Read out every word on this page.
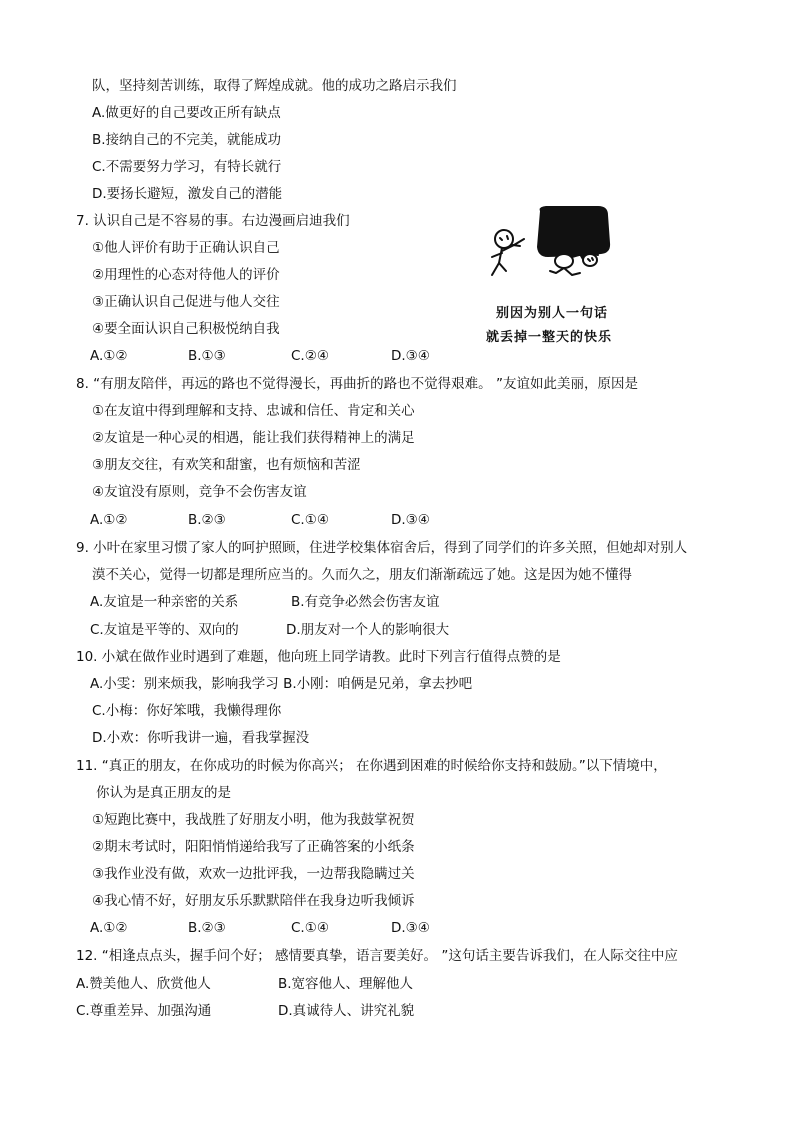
队，坚持刻苦训练，取得了辉煌成就。他的成功之路启示我们
A.做更好的自己要改正所有缺点
B.接纳自己的不完美，就能成功
C.不需要努力学习，有特长就行
D.要扬长避短，激发自己的潜能
7. 认识自己是不容易的事。右边漫画启迪我们
①他人评价有助于正确认识自己
②用理性的心态对待他人的评价
③正确认识自己促进与他人交往
④要全面认识自己积极悦纳自我
A.①②	B.①③	C.②④	D.③④
别因为别人一句话
就丢掉一整天的快乐
8. “有朋友陪伴，再远的路也不觉得漫长，再曲折的路也不觉得艰难。 ”友谊如此美丽，原因是
①在友谊中得到理解和支持、忠诚和信任、肯定和关心
②友谊是一种心灵的相遇，能让我们获得精神上的满足
③朋友交往，有欢笑和甜蜜，也有烦恼和苦涩
④友谊没有原则，竞争不会伤害友谊
A.①②	B.②③	C.①④	D.③④
9. 小叶在家里习惯了家人的呵护照顾，住进学校集体宿舍后，得到了同学们的许多关照，但她却对别人
漠不关心，觉得一切都是理所应当的。久而久之，朋友们渐渐疏远了她。这是因为她不懂得
A.友谊是一种亲密的关系	B.有竞争必然会伤害友谊
C.友谊是平等的、双向的	D.朋友对一个人的影响很大
10. 小斌在做作业时遇到了难题，他向班上同学请教。此时下列言行值得点赞的是
A.小雯：别来烦我，影响我学习 B.小刚：咱俩是兄弟，拿去抄吧
C.小梅：你好笨哦，我懒得理你
D.小欢：你听我讲一遍，看我掌握没
11. “真正的朋友，在你成功的时候为你高兴； 在你遇到困难的时候给你支持和鼓励。”以下情境中，
你认为是真正朋友的是
①短跑比赛中，我战胜了好朋友小明，他为我鼓掌祝贺
②期末考试时，阳阳悄悄递给我写了正确答案的小纸条
③我作业没有做，欢欢一边批评我，一边帮我隐瞒过关
④我心情不好，好朋友乐乐默默陪伴在我身边听我倾诉
A.①②	B.②③	C.①④	D.③④
12. “相逢点点头，握手问个好； 感情要真挚，语言要美好。 ”这句话主要告诉我们，在人际交往中应
A.赞美他人、欣赏他人	B.宽容他人、理解他人
C.尊重差异、加强沟通	D.真诚待人、讲究礼貌
